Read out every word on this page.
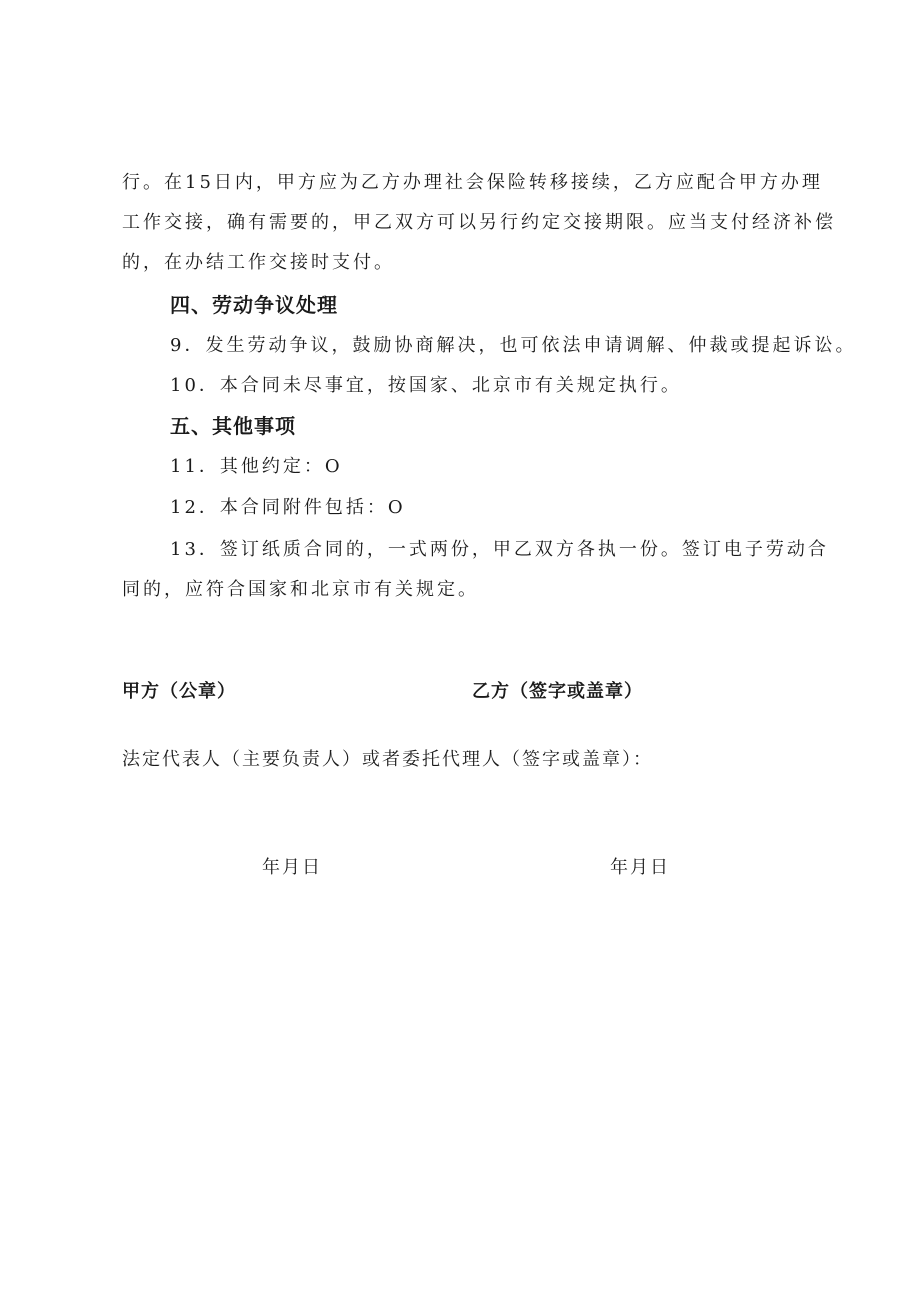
行。在15日内，甲方应为乙方办理社会保险转移接续，乙方应配合甲方办理
工作交接，确有需要的，甲乙双方可以另行约定交接期限。应当支付经济补偿
的，在办结工作交接时支付。
四、劳动争议处理
9．发生劳动争议，鼓励协商解决，也可依法申请调解、仲裁或提起诉讼。
10．本合同未尽事宜，按国家、北京市有关规定执行。
五、其他事项
11．其他约定：O
12．本合同附件包括：O
13．签订纸质合同的，一式两份，甲乙双方各执一份。签订电子劳动合
同的，应符合国家和北京市有关规定。
甲方（公章）	乙方（签字或盖章）
法定代表人（主要负责人）或者委托代理人（签字或盖章）：
年月日	年月日
